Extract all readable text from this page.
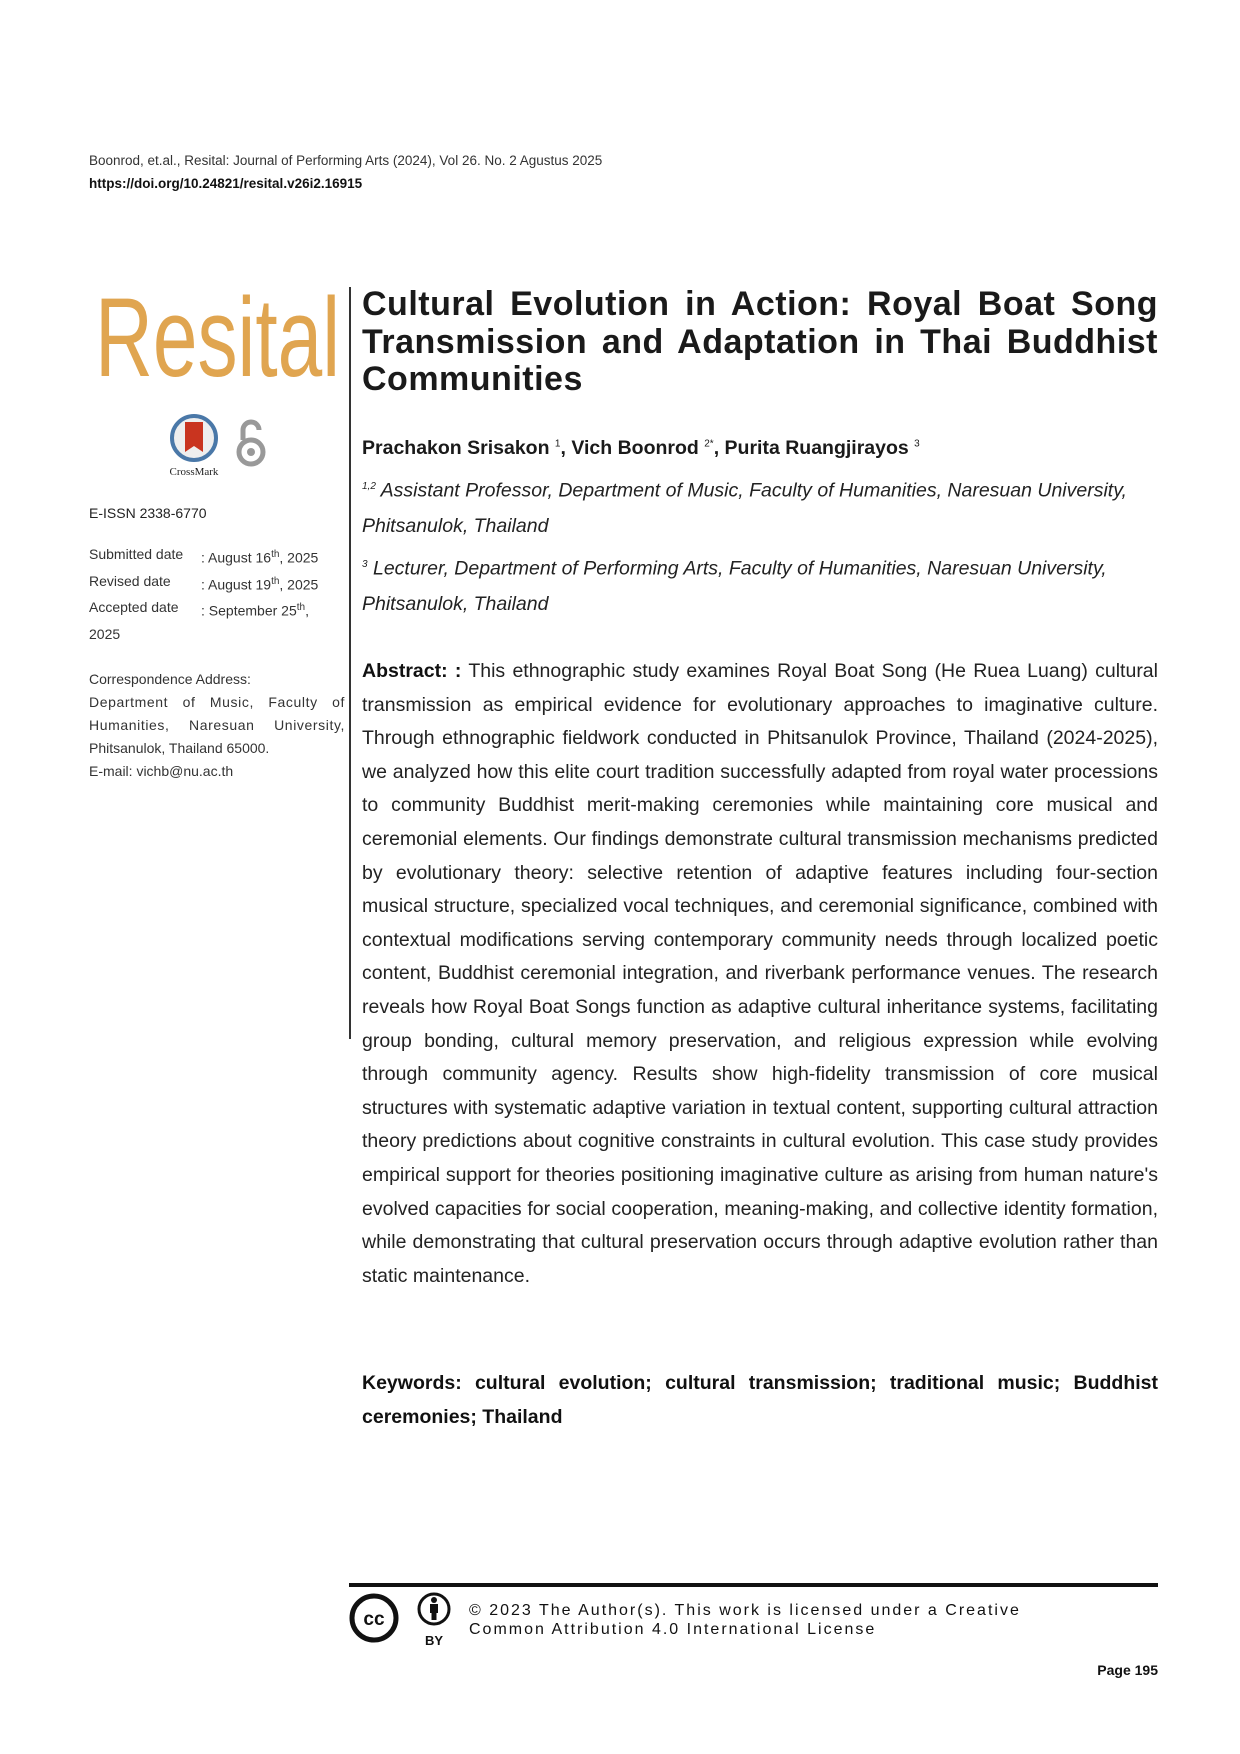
Boonrod, et.al., Resital: Journal of Performing Arts (2024), Vol 26. No. 2 Agustus 2025
https://doi.org/10.24821/resital.v26i2.16915
Resital
CrossMark
E-ISSN 2338-6770
Submitted date	: August 16th, 2025
Revised date	: August 19th, 2025
Accepted date	: September 25th,
2025
Correspondence Address:
Department of Music, Faculty of
Humanities, Naresuan University,
Phitsanulok, Thailand 65000.
E-mail: vichb@nu.ac.th
Cultural Evolution in Action: Royal Boat Song Transmission and Adaptation in Thai Buddhist Communities
Prachakon Srisakon $^1$, Vich Boonrod $^{2*}$, Purita Ruangjirayos $^3$
$^{1,2}$ Assistant Professor, Department of Music, Faculty of Humanities, Naresuan University, Phitsanulok, Thailand
$^3$ Lecturer, Department of Performing Arts, Faculty of Humanities, Naresuan University, Phitsanulok, Thailand
Abstract: : This ethnographic study examines Royal Boat Song (He Ruea Luang) cultural transmission as empirical evidence for evolutionary approaches to imaginative culture. Through ethnographic fieldwork conducted in Phitsanulok Province, Thailand (2024-2025), we analyzed how this elite court tradition successfully adapted from royal water processions to community Buddhist merit-making ceremonies while maintaining core musical and ceremonial elements. Our findings demonstrate cultural transmission mechanisms predicted by evolutionary theory: selective retention of adaptive features including four-section musical structure, specialized vocal techniques, and ceremonial significance, combined with contextual modifications serving contemporary community needs through localized poetic content, Buddhist ceremonial integration, and riverbank performance venues. The research reveals how Royal Boat Songs function as adaptive cultural inheritance systems, facilitating group bonding, cultural memory preservation, and religious expression while evolving through community agency. Results show high-fidelity transmission of core musical structures with systematic adaptive variation in textual content, supporting cultural attraction theory predictions about cognitive constraints in cultural evolution. This case study provides empirical support for theories positioning imaginative culture as arising from human nature's evolved capacities for social cooperation, meaning-making, and collective identity formation, while demonstrating that cultural preservation occurs through adaptive evolution rather than static maintenance.
Keywords: cultural evolution; cultural transmission; traditional music; Buddhist ceremonies; Thailand
cc
BY
© 2023 The Author(s). This work is licensed under a Creative
Common Attribution 4.0 International License
Page 195
